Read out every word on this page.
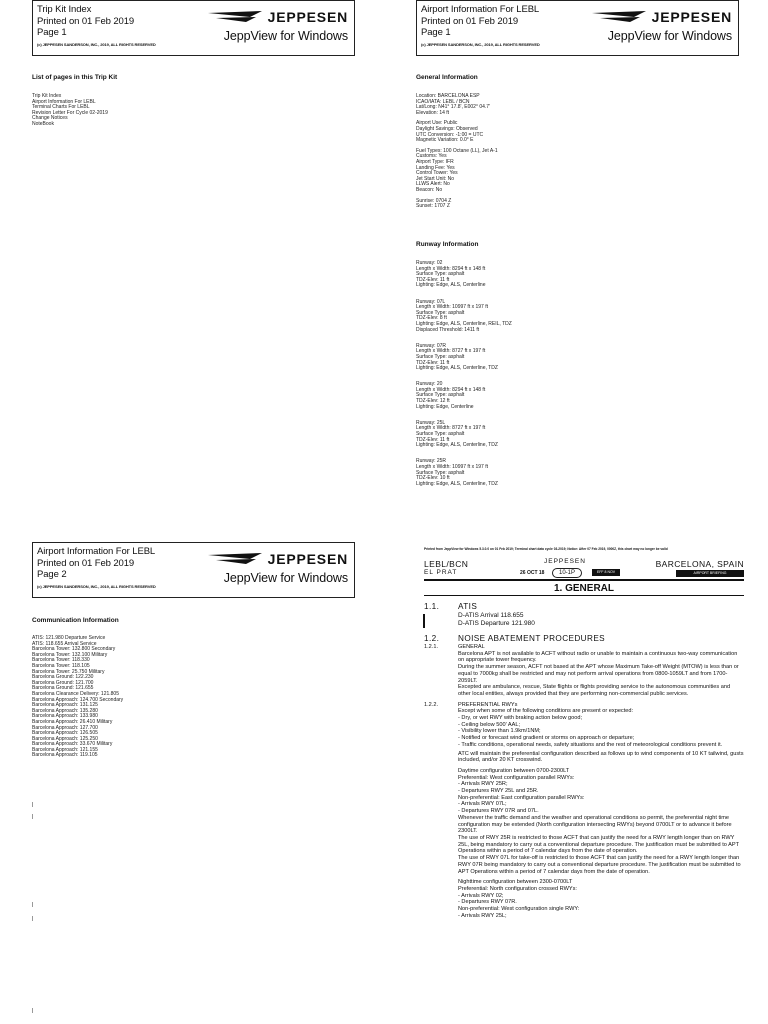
Trip Kit Index
Printed on 01 Feb 2019
Page 1
(c) JEPPESEN SANDERSON, INC., 2019, ALL RIGHTS RESERVED
JEPPESEN
JeppView for Windows
List of pages in this Trip Kit
Trip Kit Index
Airport Information For LEBL
Terminal Charts For LEBL
Revision Letter For Cycle 02-2019
Change Notices
NoteBook
Airport Information For LEBL
Printed on 01 Feb 2019
Page 1
(c) JEPPESEN SANDERSON, INC., 2019, ALL RIGHTS RESERVED
JEPPESEN
JeppView for Windows
General Information
Location: BARCELONA ESP
ICAO/IATA: LEBL / BCN
Lat/Long: N41° 17.8', E002° 04.7'
Elevation: 14 ft
Airport Use: Public
Daylight Savings: Observed
UTC Conversion: -1:00 = UTC
Magnetic Variation: 0.0° E
Fuel Types: 100 Octane (LL), Jet A-1
Customs: Yes
Airport Type: IFR
Landing Fee: Yes
Control Tower: Yes
Jet Start Unit: No
LLWS Alert: No
Beacon: No
Sunrise: 0704 Z
Sunset: 1707 Z
Runway Information
Runway: 02
Length x Width: 8294 ft x 148 ft
Surface Type: asphalt
TDZ-Elev: 11 ft
Lighting: Edge, ALS, Centerline
Runway: 07L
Length x Width: 10997 ft x 197 ft
Surface Type: asphalt
TDZ-Elev: 8 ft
Lighting: Edge, ALS, Centerline, REIL, TDZ
Displaced Threshold: 1411 ft
Runway: 07R
Length x Width: 8727 ft x 197 ft
Surface Type: asphalt
TDZ-Elev: 11 ft
Lighting: Edge, ALS, Centerline, TDZ
Runway: 20
Length x Width: 8294 ft x 148 ft
Surface Type: asphalt
TDZ-Elev: 12 ft
Lighting: Edge, Centerline
Runway: 25L
Length x Width: 8727 ft x 197 ft
Surface Type: asphalt
TDZ-Elev: 11 ft
Lighting: Edge, ALS, Centerline, TDZ
Runway: 25R
Length x Width: 10997 ft x 197 ft
Surface Type: asphalt
TDZ-Elev: 10 ft
Lighting: Edge, ALS, Centerline, TDZ
Airport Information For LEBL
Printed on 01 Feb 2019
Page 2
(c) JEPPESEN SANDERSON, INC., 2019, ALL RIGHTS RESERVED
JEPPESEN
JeppView for Windows
Communication Information
ATIS: 121.980 Departure Service
ATIS: 118.655 Arrival Service
Barcelona Tower: 132.800 Secondary
Barcelona Tower: 132.100 Military
Barcelona Tower: 118.330
Barcelona Tower: 118.105
Barcelona Tower: 25.750 Military
Barcelona Ground: 122.230
Barcelona Ground: 121.700
Barcelona Ground: 121.655
Barcelona Clearance Delivery: 121.805
Barcelona Approach: 124.700 Secondary
Barcelona Approach: 131.125
Barcelona Approach: 135.280
Barcelona Approach: 133.980
Barcelona Approach: 26.410 Military
Barcelona Approach: 127.700
Barcelona Approach: 126.505
Barcelona Approach: 125.250
Barcelona Approach: 33.670 Military
Barcelona Approach: 121.155
Barcelona Approach: 119.105
Printed from JeppView for Windows 5.3.0.0 on 01 Feb 2019; Terminal chart data cycle 03-2019; Notice: After 07 Feb 2019, 0000Z, this chart may no longer be valid
LEBL/BCN
EL PRAT
JEPPESEN
26 OCT 18	10-1P	EFF 8 NOV
BARCELONA, SPAIN
AIRPORT BRIEFING
1. GENERAL
1.1.	ATIS
D-ATIS Arrival 118.655
D-ATIS Departure 121.980
1.2.	NOISE ABATEMENT PROCEDURES
1.2.1.	GENERAL
Barcelona APT is not available to ACFT without radio or unable to maintain a continuous two-way communication on appropriate tower frequency.
During the summer season, ACFT not based at the APT whose Maximum Take-off Weight (MTOW) is less than or equal to 7000kg shall be restricted and may not perform arrival operations from 0800-1059LT and from 1700-2059LT.
Excepted are ambulance, rescue, State flights or flights providing service to the autonomous communities and other local entities, always provided that they are performing non-commercial public services.
1.2.2.	PREFERENTIAL RWYs
Except when some of the following conditions are present or expected:
- Dry, or wet RWY with braking action below good;
- Ceiling below 500' AAL;
- Visibility lower than 1.9km/1NM;
- Notified or forecast wind gradient or storms on approach or departure;
- Traffic conditions, operational needs, safety situations and the rest of meteorological conditions prevent it.
ATC will maintain the preferential configuration described as follows up to wind components of 10 KT tailwind, gusts included, and/or 20 KT crosswind.
Daytime configuration between 0700-2300LT
Preferential: West configuration parallel RWYs:
- Arrivals RWY 25R;
- Departures RWY 25L and 25R.
Non-preferential: East configuration parallel RWYs:
- Arrivals RWY 07L;
- Departures RWY 07R and 07L.
Whenever the traffic demand and the weather and operational conditions so permit, the preferential night time configuration may be extended (North configuration intersecting RWYs) beyond 0700LT or to advance it before 2300LT.
The use of RWY 25R is restricted to those ACFT that can justify the need for a RWY length longer than on RWY 25L, being mandatory to carry out a conventional departure procedure. The justification must be submitted to APT Operations within a period of 7 calendar days from the date of operation.
The use of RWY 07L for take-off is restricted to those ACFT that can justify the need for a RWY length longer than RWY 07R being mandatory to carry out a conventional departure procedure. The justification must be submitted to APT Operations within a period of 7 calendar days from the date of operation.
Nighttime configuration between 2300-0700LT
Preferential: North configuration crossed RWYs:
- Arrivals RWY 02;
- Departures RWY 07R.
Non-preferential: West configuration single RWY:
- Arrivals RWY 25L;
